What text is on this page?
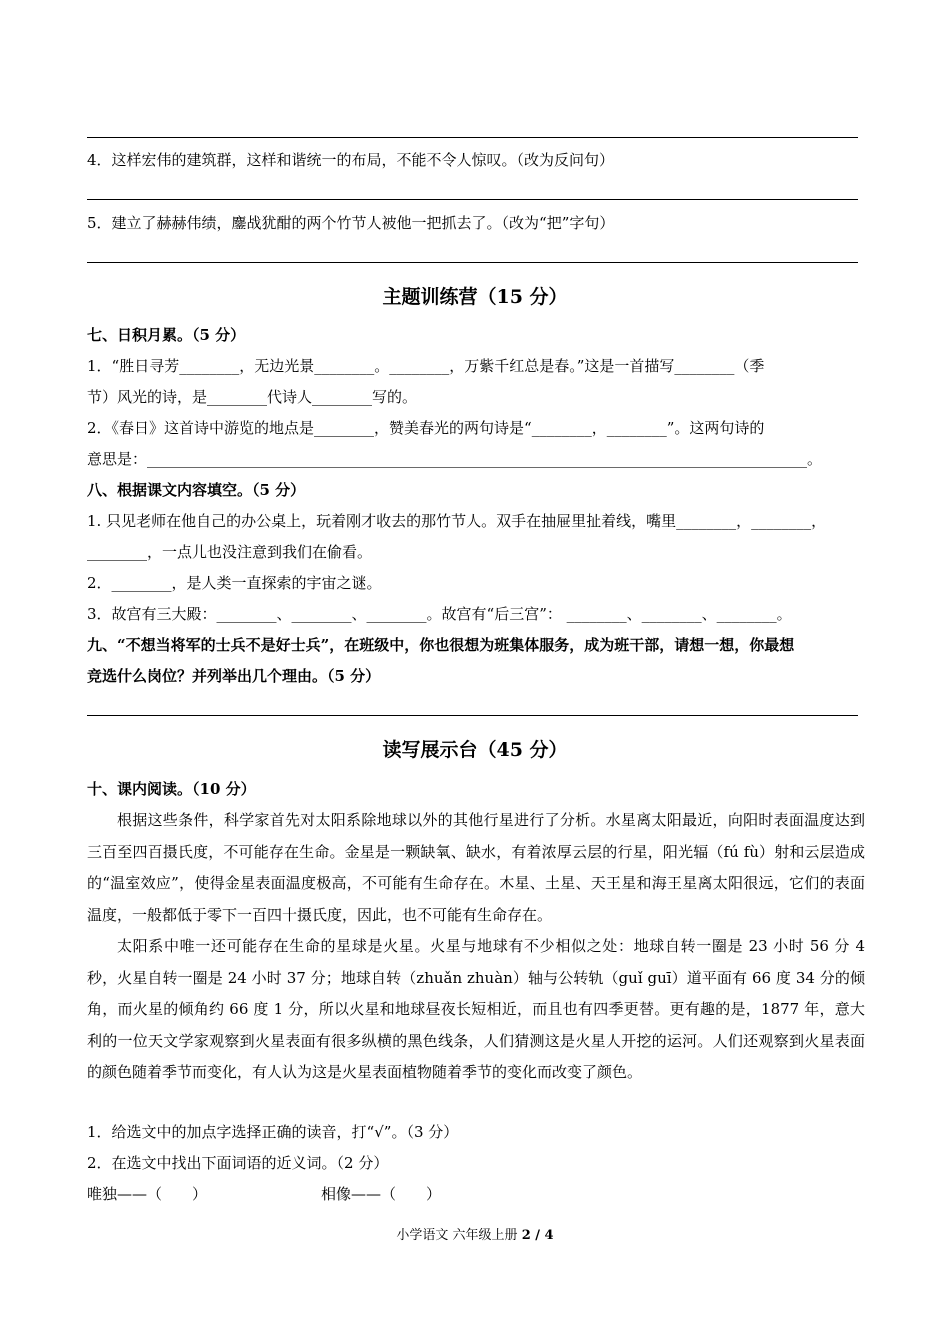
4．这样宏伟的建筑群，这样和谐统一的布局，不能不令人惊叹。（改为反问句）
5．建立了赫赫伟绩，鏖战犹酣的两个竹节人被他一把抓去了。（改为“把”字句）
主题训练营（15 分）
七、日积月累。（5 分）
1．“胜日寻芳________，无边光景________。________，万紫千红总是春。”这是一首描写________（季
节）风光的诗，是________代诗人________写的。
2．《春日》这首诗中游览的地点是________，赞美春光的两句诗是“________，________”。这两句诗的
意思是：________________________________________________________________________________________。
八、根据课文内容填空。（5 分）
1. 只见老师在他自己的办公桌上，玩着刚才收去的那竹节人。双手在抽屉里扯着线，嘴里________，________，
________，一点儿也没注意到我们在偷看。
2．________，是人类一直探索的宇宙之谜。
3．故宫有三大殿：________、________、________。故宫有“后三宫”： ________、________、________。
九、“不想当将军的士兵不是好士兵”，在班级中，你也很想为班集体服务，成为班干部，请想一想，你最想
竞选什么岗位？并列举出几个理由。（5 分）
读写展示台（45 分）
十、课内阅读。（10 分）
根据这些条件，科学家首先对太阳系除地球以外的其他行星进行了分析。水星离太阳最近，向阳时表面温度达到三百至四百摄氏度，不可能存在生命。金星是一颗缺氧、缺水，有着浓厚云层的行星，阳光辐（fú fù）射和云层造成的“温室效应”，使得金星表面温度极高，不可能有生命存在。木星、土星、天王星和海王星离太阳很远，它们的表面温度，一般都低于零下一百四十摄氏度，因此，也不可能有生命存在。
太阳系中唯一还可能存在生命的星球是火星。火星与地球有不少相似之处：地球自转一圈是 23 小时 56 分 4 秒，火星自转一圈是 24 小时 37 分；地球自转（zhuǎn zhuàn）轴与公转轨（guǐ guī）道平面有 66 度 34 分的倾角，而火星的倾角约 66 度 1 分，所以火星和地球昼夜长短相近，而且也有四季更替。更有趣的是，1877 年，意大利的一位天文学家观察到火星表面有很多纵横的黑色线条，人们猜测这是火星人开挖的运河。人们还观察到火星表面的颜色随着季节而变化，有人认为这是火星表面植物随着季节的变化而改变了颜色。
1．给选文中的加点字选择正确的读音，打“√”。（3 分）
2．在选文中找出下面词语的近义词。（2 分）
唯独——（　　）	相像——（　　）
小学语文 六年级上册 2 / 4
